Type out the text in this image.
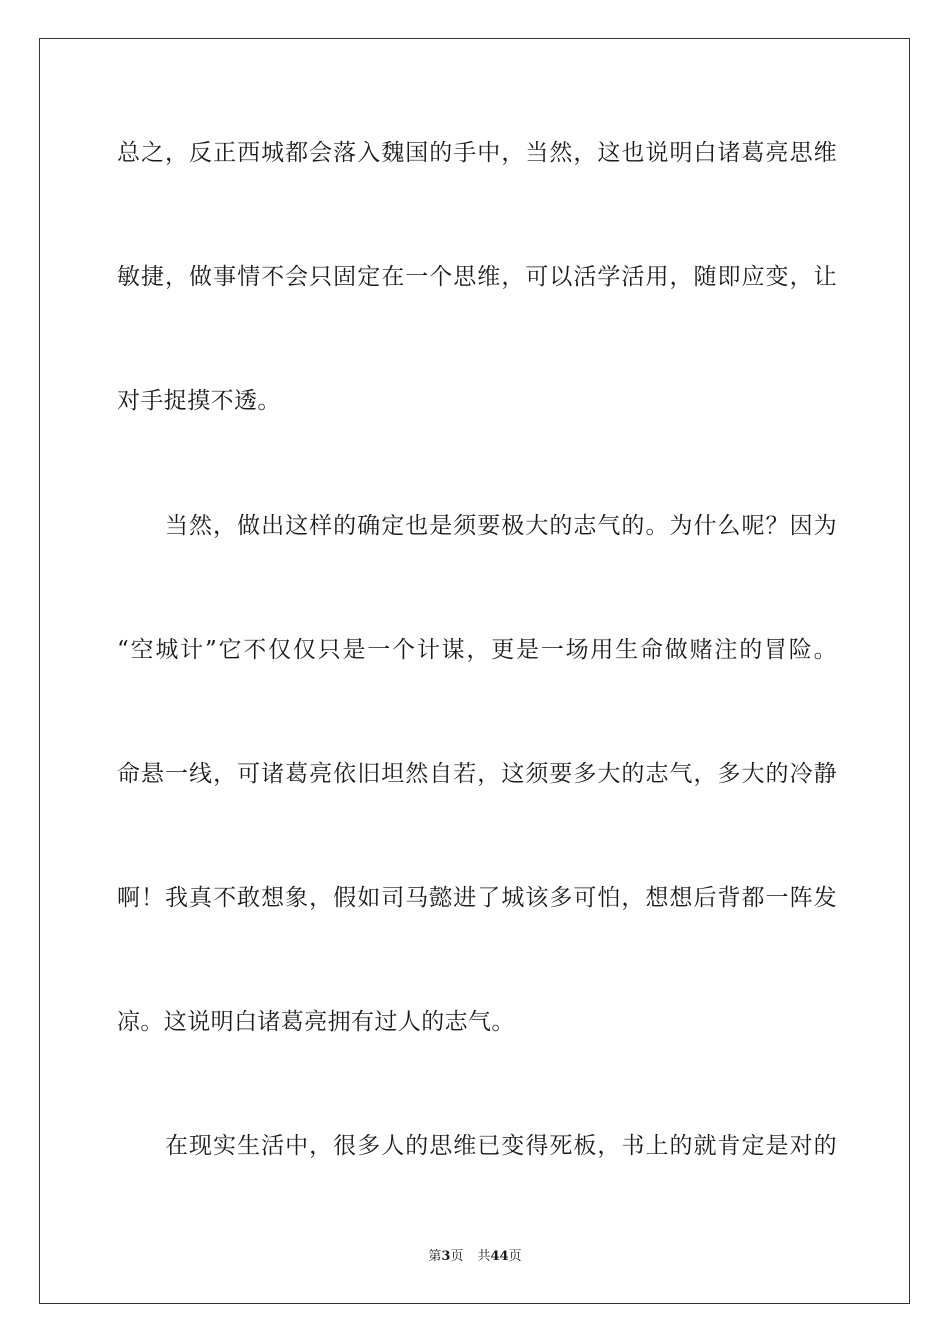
总之，反正西城都会落入魏国的手中，当然，这也说明白诸葛亮思维
敏捷，做事情不会只固定在一个思维，可以活学活用，随即应变，让
对手捉摸不透。
当然，做出这样的确定也是须要极大的志气的。为什么呢？因为
“空城计”它不仅仅只是一个计谋，更是一场用生命做赌注的冒险。
命悬一线，可诸葛亮依旧坦然自若，这须要多大的志气，多大的冷静
啊！我真不敢想象，假如司马懿进了城该多可怕，想想后背都一阵发
凉。这说明白诸葛亮拥有过人的志气。
在现实生活中，很多人的思维已变得死板，书上的就肯定是对的
第3页 共44页
